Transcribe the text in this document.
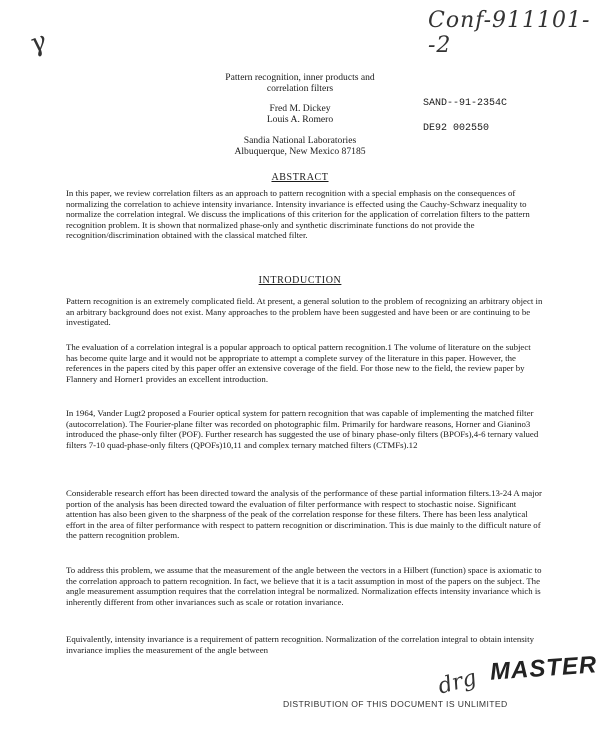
γ
Conf-911101--2
Pattern recognition, inner products and
correlation filters
Fred M. Dickey
Louis A. Romero
SAND--91-2354C
DE92 002550
Sandia National Laboratories
Albuquerque, New Mexico 87185
ABSTRACT
In this paper, we review correlation filters as an approach to pattern recognition with a special emphasis on the consequences of normalizing the correlation to achieve intensity invariance. Intensity invariance is effected using the Cauchy-Schwarz inequality to normalize the correlation integral. We discuss the implications of this criterion for the application of correlation filters to the pattern recognition problem. It is shown that normalized phase-only and synthetic discriminate functions do not provide the recognition/discrimination obtained with the classical matched filter.
INTRODUCTION
Pattern recognition is an extremely complicated field. At present, a general solution to the problem of recognizing an arbitrary object in an arbitrary background does not exist. Many approaches to the problem have been suggested and have been or are continuing to be investigated.
The evaluation of a correlation integral is a popular approach to optical pattern recognition.1 The volume of literature on the subject has become quite large and it would not be appropriate to attempt a complete survey of the literature in this paper. However, the references in the papers cited by this paper offer an extensive coverage of the field. For those new to the field, the review paper by Flannery and Horner1 provides an excellent introduction.
In 1964, Vander Lugt2 proposed a Fourier optical system for pattern recognition that was capable of implementing the matched filter (autocorrelation). The Fourier-plane filter was recorded on photographic film. Primarily for hardware reasons, Horner and Gianino3 introduced the phase-only filter (POF). Further research has suggested the use of binary phase-only filters (BPOFs),4-6 ternary valued filters 7-10 quad-phase-only filters (QPOFs)10,11 and complex ternary matched filters (CTMFs).12
Considerable research effort has been directed toward the analysis of the performance of these partial information filters.13-24 A major portion of the analysis has been directed toward the evaluation of filter performance with respect to stochastic noise. Significant attention has also been given to the sharpness of the peak of the correlation response for these filters. There has been less analytical effort in the area of filter performance with respect to pattern recognition or discrimination. This is due mainly to the difficult nature of the pattern recognition problem.
To address this problem, we assume that the measurement of the angle between the vectors in a Hilbert (function) space is axiomatic to the correlation approach to pattern recognition. In fact, we believe that it is a tacit assumption in most of the papers on the subject. The angle measurement assumption requires that the correlation integral be normalized. Normalization effects intensity invariance which is inherently different from other invariances such as scale or rotation invariance.
Equivalently, intensity invariance is a requirement of pattern recognition. Normalization of the correlation integral to obtain intensity invariance implies the measurement of the angle between
MASTER
drg
DISTRIBUTION OF THIS DOCUMENT IS UNLIMITED
